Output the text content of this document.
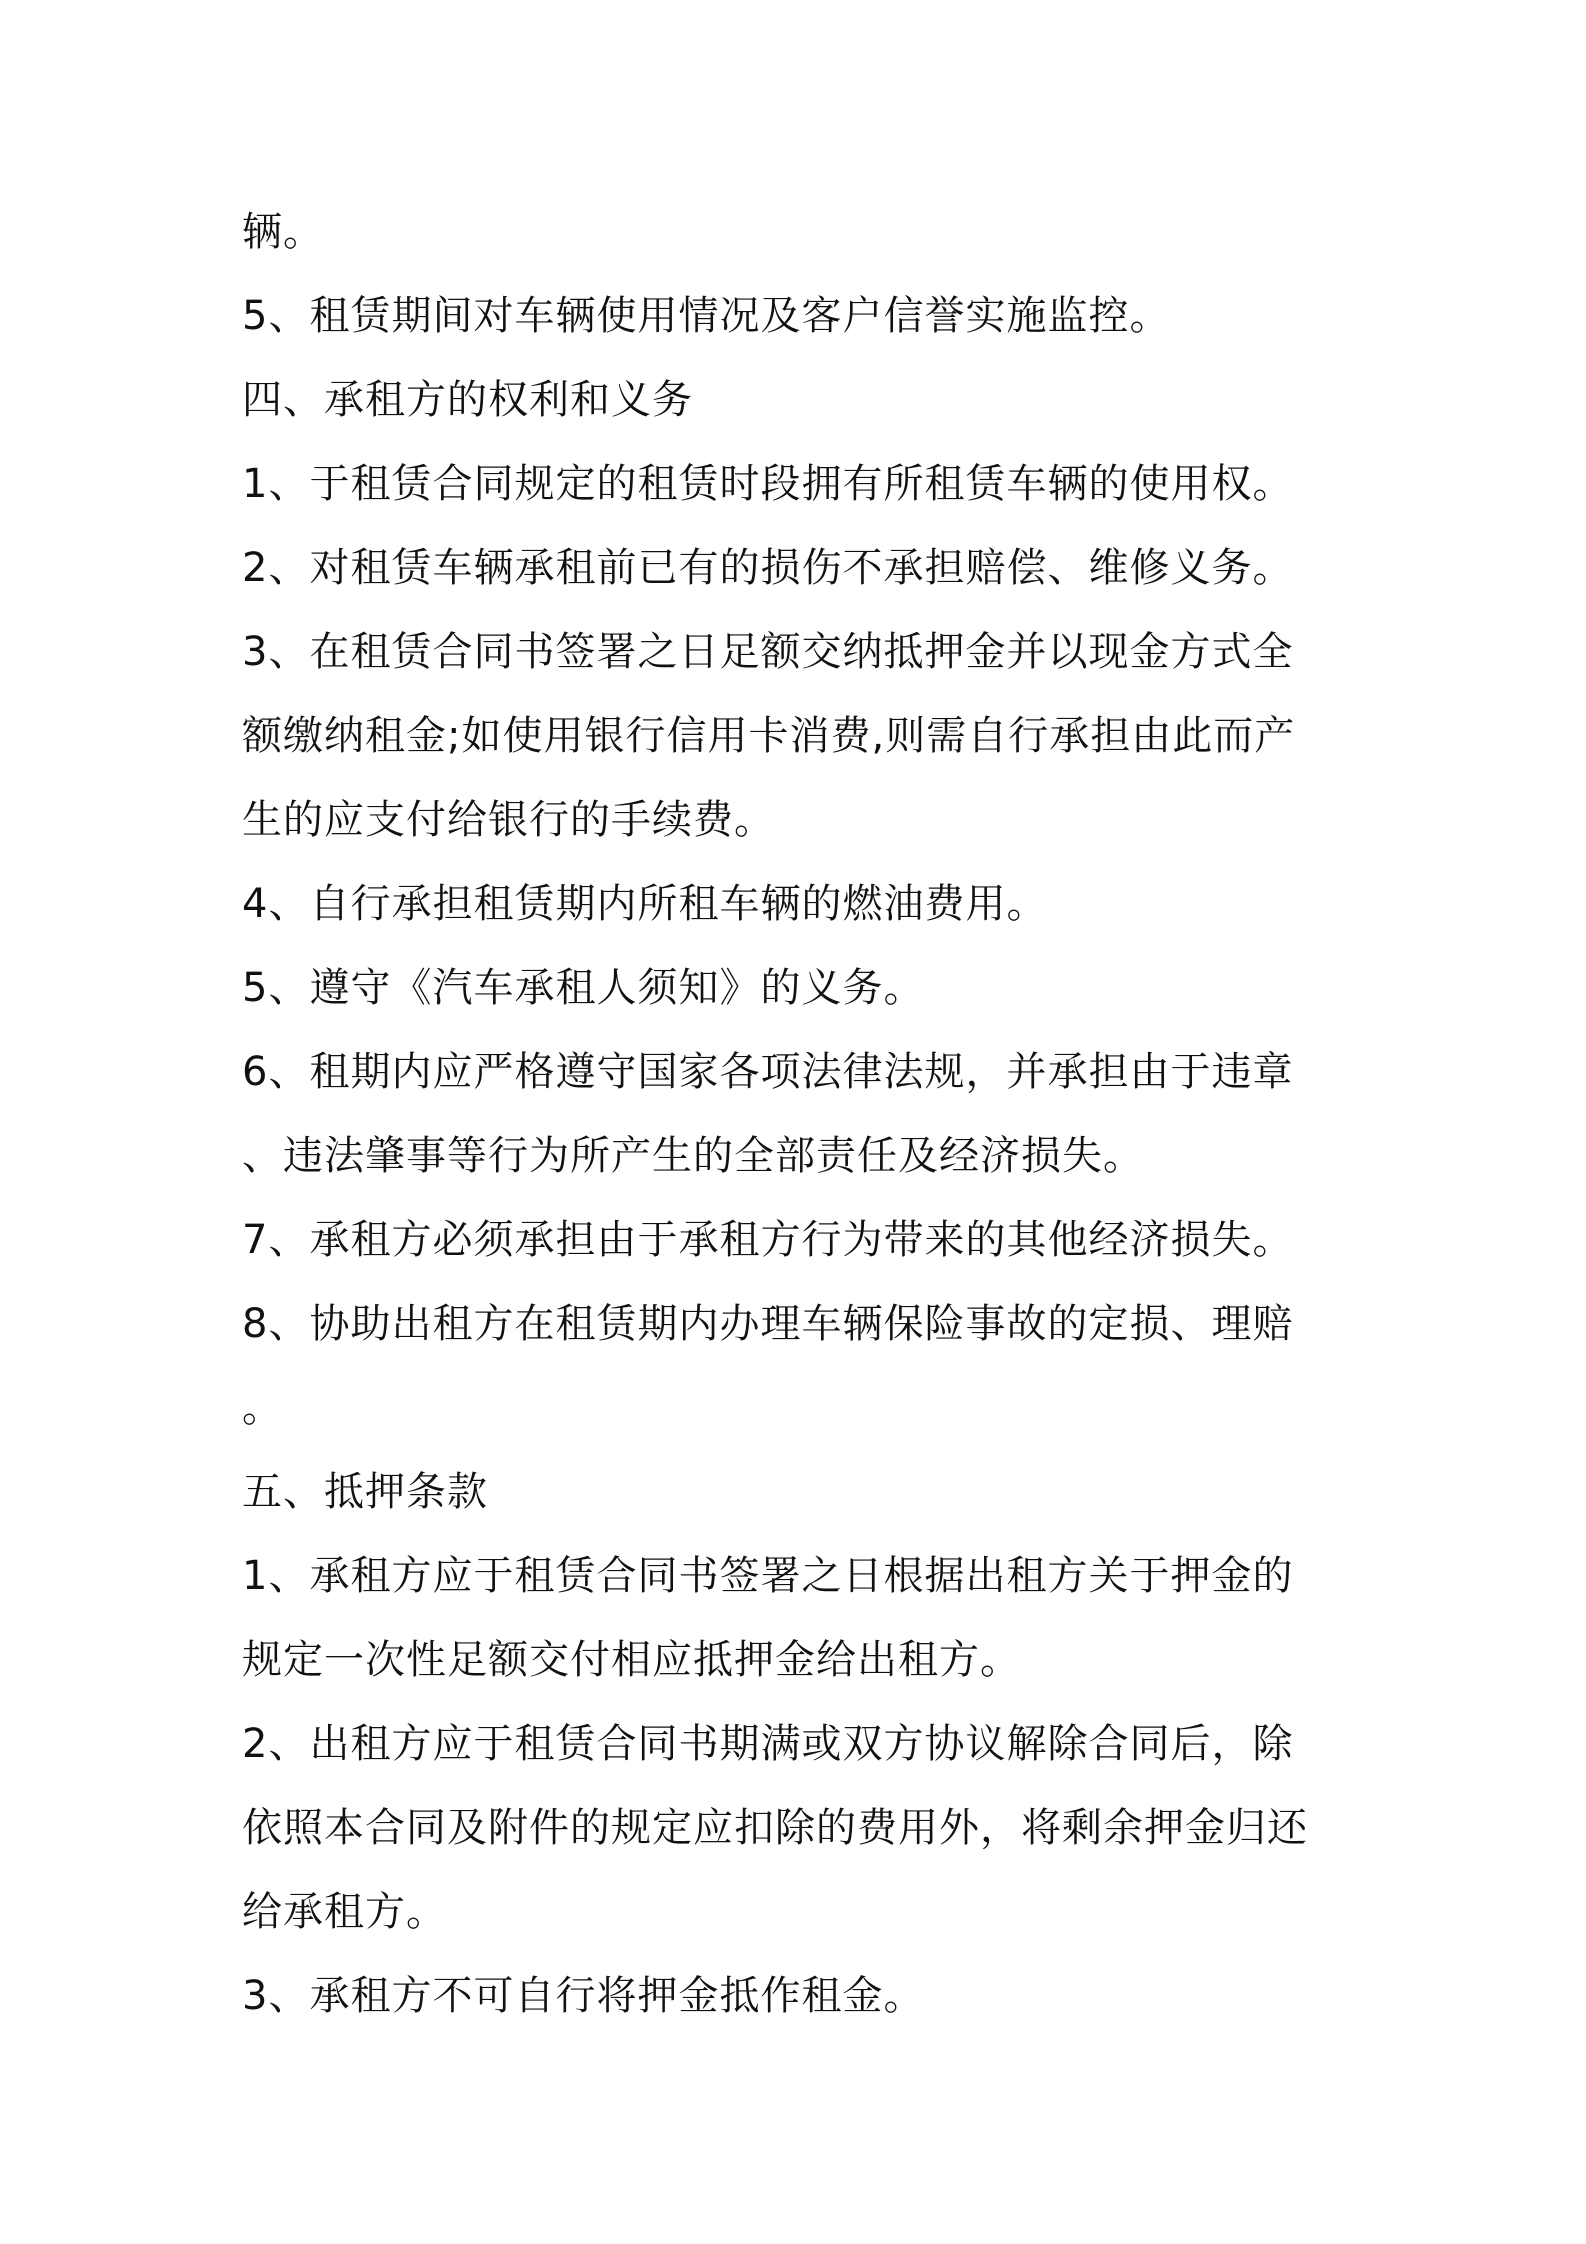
辆。
5、租赁期间对车辆使用情况及客户信誉实施监控。
四、承租方的权利和义务
1、于租赁合同规定的租赁时段拥有所租赁车辆的使用权。
2、对租赁车辆承租前已有的损伤不承担赔偿、维修义务。
3、在租赁合同书签署之日足额交纳抵押金并以现金方式全
额缴纳租金;如使用银行信用卡消费,则需自行承担由此而产
生的应支付给银行的手续费。
4、自行承担租赁期内所租车辆的燃油费用。
5、遵守《汽车承租人须知》的义务。
6、租期内应严格遵守国家各项法律法规，并承担由于违章
、违法肇事等行为所产生的全部责任及经济损失。
7、承租方必须承担由于承租方行为带来的其他经济损失。
8、协助出租方在租赁期内办理车辆保险事故的定损、理赔
。
五、抵押条款
1、承租方应于租赁合同书签署之日根据出租方关于押金的
规定一次性足额交付相应抵押金给出租方。
2、出租方应于租赁合同书期满或双方协议解除合同后，除
依照本合同及附件的规定应扣除的费用外，将剩余押金归还
给承租方。
3、承租方不可自行将押金抵作租金。
